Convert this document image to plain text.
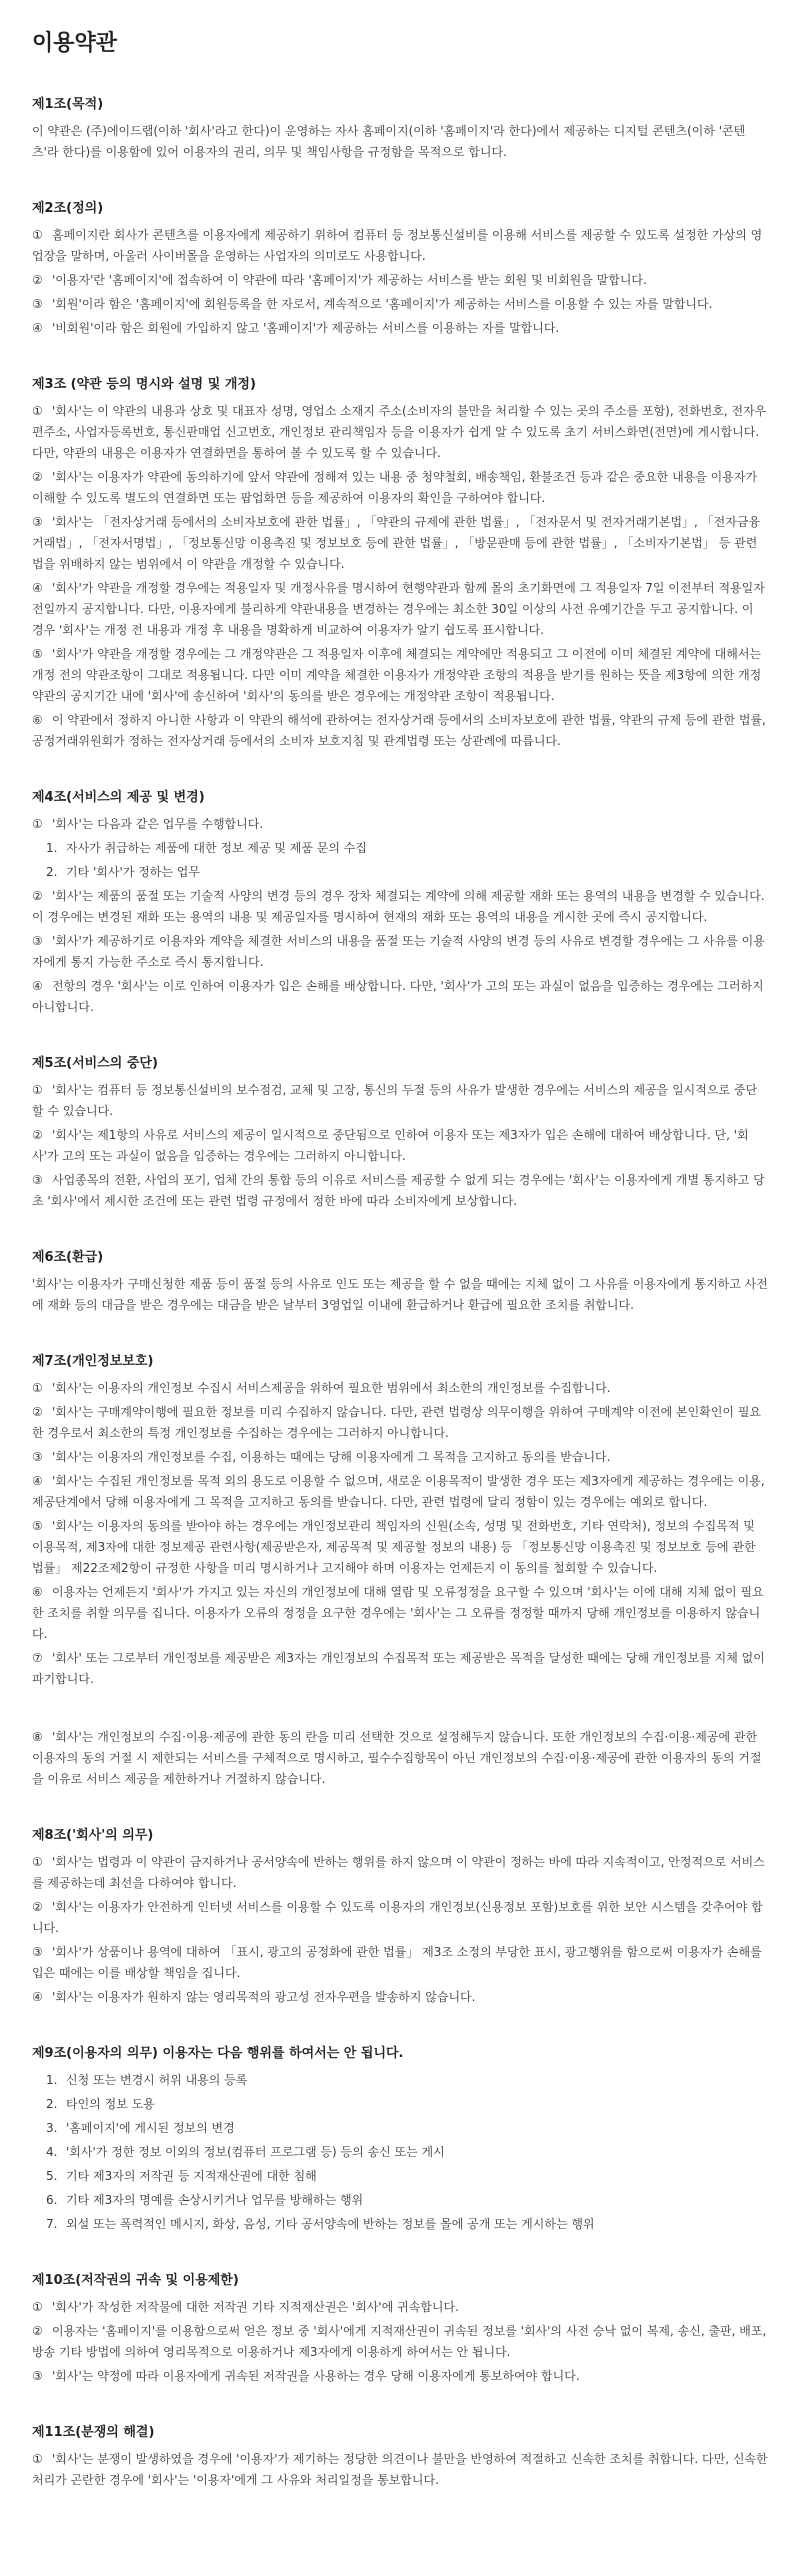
이용약관
제1조(목적)
이 약관은 (주)에이드랩(이하 '회사'라고 한다)이 운영하는 자사 홈페이지(이하 '홈페이지'라 한다)에서 제공하는 디지털 콘텐츠(이하 '콘텐츠'라 한다)를 이용함에 있어 이용자의 권리, 의무 및 책임사항을 규정함을 목적으로 합니다.
제2조(정의)
① 홈페이지란 회사가 콘텐츠를 이용자에게 제공하기 위하여 컴퓨터 등 정보통신설비를 이용해 서비스를 제공할 수 있도록 설정한 가상의 영업장을 말하며, 아울러 사이버몰을 운영하는 사업자의 의미로도 사용합니다.
② '이용자'란 '홈페이지'에 접속하여 이 약관에 따라 '홈페이지'가 제공하는 서비스를 받는 회원 및 비회원을 말합니다.
③ '회원'이라 함은 '홈페이지'에 회원등록을 한 자로서, 계속적으로 '홈페이지'가 제공하는 서비스를 이용할 수 있는 자를 말합니다.
④ '비회원'이라 함은 회원에 가입하지 않고 '홈페이지'가 제공하는 서비스를 이용하는 자를 말합니다.
제3조 (약관 등의 명시와 설명 및 개정)
① '회사'는 이 약관의 내용과 상호 및 대표자 성명, 영업소 소재지 주소(소비자의 불만을 처리할 수 있는 곳의 주소를 포함), 전화번호, 전자우편주소, 사업자등록번호, 통신판매업 신고번호, 개인정보 관리책임자 등을 이용자가 쉽게 알 수 있도록 초기 서비스화면(전면)에 게시합니다. 다만, 약관의 내용은 이용자가 연결화면을 통하여 볼 수 있도록 할 수 있습니다.
② '회사'는 이용자가 약관에 동의하기에 앞서 약관에 정해져 있는 내용 중 청약철회, 배송책임, 환불조건 등과 같은 중요한 내용을 이용자가 이해할 수 있도록 별도의 연결화면 또는 팝업화면 등을 제공하여 이용자의 확인을 구하여야 합니다.
③ '회사'는 「전자상거래 등에서의 소비자보호에 관한 법률」, 「약관의 규제에 관한 법률」, 「전자문서 및 전자거래기본법」, 「전자금융거래법」, 「전자서명법」, 「정보통신망 이용촉진 및 정보보호 등에 관한 법률」, 「방문판매 등에 관한 법률」, 「소비자기본법」 등 관련 법을 위배하지 않는 범위에서 이 약관을 개정할 수 있습니다.
④ '회사'가 약관을 개정할 경우에는 적용일자 및 개정사유를 명시하여 현행약관과 함께 몰의 초기화면에 그 적용일자 7일 이전부터 적용일자 전일까지 공지합니다. 다만, 이용자에게 불리하게 약관내용을 변경하는 경우에는 최소한 30일 이상의 사전 유예기간을 두고 공지합니다. 이 경우 '회사'는 개정 전 내용과 개정 후 내용을 명확하게 비교하여 이용자가 알기 쉽도록 표시합니다.
⑤ '회사'가 약관을 개정할 경우에는 그 개정약관은 그 적용일자 이후에 체결되는 계약에만 적용되고 그 이전에 이미 체결된 계약에 대해서는 개정 전의 약관조항이 그대로 적용됩니다. 다만 이미 계약을 체결한 이용자가 개정약관 조항의 적용을 받기를 원하는 뜻을 제3항에 의한 개정약관의 공지기간 내에 '회사'에 송신하여 '회사'의 동의를 받은 경우에는 개정약관 조항이 적용됩니다.
⑥ 이 약관에서 정하지 아니한 사항과 이 약관의 해석에 관하여는 전자상거래 등에서의 소비자보호에 관한 법률, 약관의 규제 등에 관한 법률, 공정거래위원회가 정하는 전자상거래 등에서의 소비자 보호지침 및 관계법령 또는 상관례에 따릅니다.
제4조(서비스의 제공 및 변경)
① '회사'는 다음과 같은 업무를 수행합니다.
1. 자사가 취급하는 제품에 대한 정보 제공 및 제품 문의 수집
2. 기타 '회사'가 정하는 업무
② '회사'는 제품의 품절 또는 기술적 사양의 변경 등의 경우 장차 체결되는 계약에 의해 제공할 재화 또는 용역의 내용을 변경할 수 있습니다. 이 경우에는 변경된 재화 또는 용역의 내용 및 제공일자를 명시하여 현재의 재화 또는 용역의 내용을 게시한 곳에 즉시 공지합니다.
③ '회사'가 제공하기로 이용자와 계약을 체결한 서비스의 내용을 품절 또는 기술적 사양의 변경 등의 사유로 변경할 경우에는 그 사유를 이용자에게 통지 가능한 주소로 즉시 통지합니다.
④ 전항의 경우 '회사'는 이로 인하여 이용자가 입은 손해를 배상합니다. 다만, '회사'가 고의 또는 과실이 없음을 입증하는 경우에는 그러하지 아니합니다.
제5조(서비스의 중단)
① '회사'는 컴퓨터 등 정보통신설비의 보수점검, 교체 및 고장, 통신의 두절 등의 사유가 발생한 경우에는 서비스의 제공을 일시적으로 중단할 수 있습니다.
② '회사'는 제1항의 사유로 서비스의 제공이 일시적으로 중단됨으로 인하여 이용자 또는 제3자가 입은 손해에 대하여 배상합니다. 단, '회사'가 고의 또는 과실이 없음을 입증하는 경우에는 그러하지 아니합니다.
③ 사업종목의 전환, 사업의 포기, 업체 간의 통합 등의 이유로 서비스를 제공할 수 없게 되는 경우에는 '회사'는 이용자에게 개별 통지하고 당초 '회사'에서 제시한 조건에 또는 관련 법령 규정에서 정한 바에 따라 소비자에게 보상합니다.
제6조(환급)
'회사'는 이용자가 구매신청한 제품 등이 품절 등의 사유로 인도 또는 제공을 할 수 없을 때에는 지체 없이 그 사유를 이용자에게 통지하고 사전에 재화 등의 대금을 받은 경우에는 대금을 받은 날부터 3영업일 이내에 환급하거나 환급에 필요한 조치를 취합니다.
제7조(개인정보보호)
① '회사'는 이용자의 개인정보 수집시 서비스제공을 위하여 필요한 범위에서 최소한의 개인정보를 수집합니다.
② '회사'는 구매계약이행에 필요한 정보를 미리 수집하지 않습니다. 다만, 관련 법령상 의무이행을 위하여 구매계약 이전에 본인확인이 필요한 경우로서 최소한의 특정 개인정보를 수집하는 경우에는 그러하지 아니합니다.
③ '회사'는 이용자의 개인정보를 수집, 이용하는 때에는 당해 이용자에게 그 목적을 고지하고 동의를 받습니다.
④ '회사'는 수집된 개인정보를 목적 외의 용도로 이용할 수 없으며, 새로운 이용목적이 발생한 경우 또는 제3자에게 제공하는 경우에는 이용, 제공단계에서 당해 이용자에게 그 목적을 고지하고 동의를 받습니다. 다만, 관련 법령에 달리 정함이 있는 경우에는 예외로 합니다.
⑤ '회사'는 이용자의 동의를 받아야 하는 경우에는 개인정보관리 책임자의 신원(소속, 성명 및 전화번호, 기타 연락처), 정보의 수집목적 및 이용목적, 제3자에 대한 정보제공 관련사항(제공받은자, 제공목적 및 제공할 정보의 내용) 등 「정보통신망 이용촉진 및 정보보호 등에 관한 법률」 제22조제2항이 규정한 사항을 미리 명시하거나 고지해야 하며 이용자는 언제든지 이 동의를 철회할 수 있습니다.
⑥ 이용자는 언제든지 '회사'가 가지고 있는 자신의 개인정보에 대해 열람 및 오류정정을 요구할 수 있으며 '회사'는 이에 대해 지체 없이 필요한 조치를 취할 의무를 집니다. 이용자가 오류의 정정을 요구한 경우에는 '회사'는 그 오류를 정정할 때까지 당해 개인정보를 이용하지 않습니다.
⑦ '회사' 또는 그로부터 개인정보를 제공받은 제3자는 개인정보의 수집목적 또는 제공받은 목적을 달성한 때에는 당해 개인정보를 지체 없이 파기합니다.
⑧ '회사'는 개인정보의 수집·이용·제공에 관한 동의 란을 미리 선택한 것으로 설정해두지 않습니다. 또한 개인정보의 수집·이용·제공에 관한 이용자의 동의 거절 시 제한되는 서비스를 구체적으로 명시하고, 필수수집항목이 아닌 개인정보의 수집·이용·제공에 관한 이용자의 동의 거절을 이유로 서비스 제공을 제한하거나 거절하지 않습니다.
제8조('회사'의 의무)
① '회사'는 법령과 이 약관이 금지하거나 공서양속에 반하는 행위를 하지 않으며 이 약관이 정하는 바에 따라 지속적이고, 안정적으로 서비스를 제공하는데 최선을 다하여야 합니다.
② '회사'는 이용자가 안전하게 인터넷 서비스를 이용할 수 있도록 이용자의 개인정보(신용정보 포함)보호를 위한 보안 시스템을 갖추어야 합니다.
③ '회사'가 상품이나 용역에 대하여 「표시, 광고의 공정화에 관한 법률」 제3조 소정의 부당한 표시, 광고행위를 함으로써 이용자가 손해를 입은 때에는 이를 배상할 책임을 집니다.
④ '회사'는 이용자가 원하지 않는 영리목적의 광고성 전자우편을 발송하지 않습니다.
제9조(이용자의 의무) 이용자는 다음 행위를 하여서는 안 됩니다.
1. 신청 또는 변경시 허위 내용의 등록
2. 타인의 정보 도용
3. '홈페이지'에 게시된 정보의 변경
4. '회사'가 정한 정보 이외의 정보(컴퓨터 프로그램 등) 등의 송신 또는 게시
5. 기타 제3자의 저작권 등 지적재산권에 대한 침해
6. 기타 제3자의 명예를 손상시키거나 업무를 방해하는 행위
7. 외설 또는 폭력적인 메시지, 화상, 음성, 기타 공서양속에 반하는 정보를 몰에 공개 또는 게시하는 행위
제10조(저작권의 귀속 및 이용제한)
① '회사'가 작성한 저작물에 대한 저작권 기타 지적재산권은 '회사'에 귀속합니다.
② 이용자는 '홈페이지'를 이용함으로써 얻은 정보 중 '회사'에게 지적재산권이 귀속된 정보를 '회사'의 사전 승낙 없이 복제, 송신, 출판, 배포, 방송 기타 방법에 의하여 영리목적으로 이용하거나 제3자에게 이용하게 하여서는 안 됩니다.
③ '회사'는 약정에 따라 이용자에게 귀속된 저작권을 사용하는 경우 당해 이용자에게 통보하여야 합니다.
제11조(분쟁의 해결)
① '회사'는 분쟁이 발생하였을 경우에 '이용자'가 제기하는 정당한 의견이나 불만을 반영하여 적절하고 신속한 조치를 취합니다. 다만, 신속한 처리가 곤란한 경우에 '회사'는 '이용자'에게 그 사유와 처리일정을 통보합니다.
